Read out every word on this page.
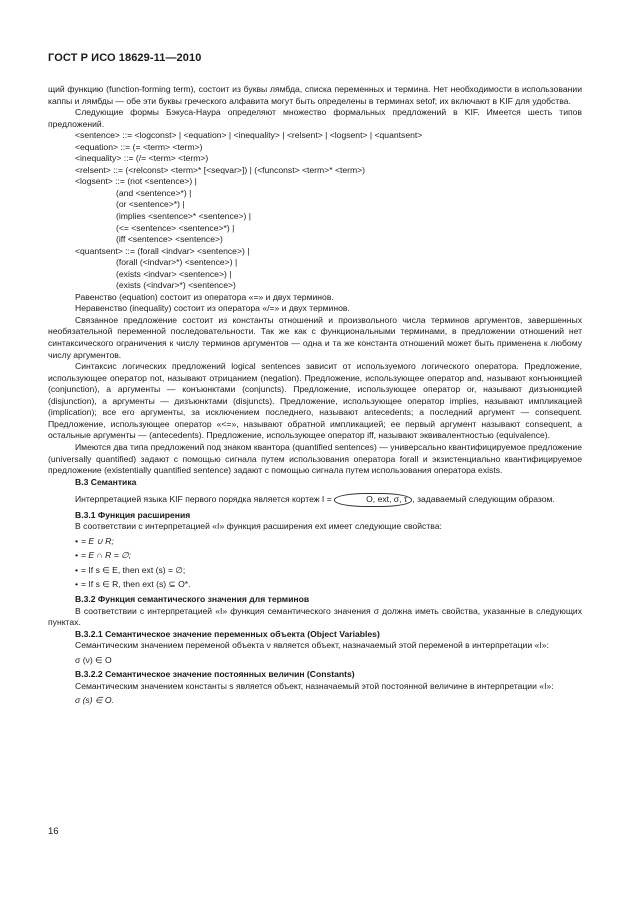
ГОСТ Р ИСО 18629-11—2010

щий функцию (function-forming term), состоит из буквы лямбда, списка переменных и термина. Нет необходимости в использовании каппы и лямбды — обе эти буквы греческого алфавита могут быть определены в терминах setof; их включают в KIF для удобства.

Следующие формы Бэкуса-Наура определяют множество формальных предложений в KIF. Имеется шесть типов предложений.

<sentence> ::= <logconst> | <equation> | <inequality> | <relsent> | <logsent> | <quantsent>
<equation> ::= (= <term> <term>)
<inequality> ::= (/= <term> <term>)
<relsent> ::= (<relconst> <term>* [<seqvar>]) | (<funconst> <term>* <term>)
<logsent> ::= (not <sentence>) |
(and <sentence>*) |
(or <sentence>*) |
(implies <sentence>* <sentence>) |
(<= <sentence> <sentence>*) |
(iff <sentence> <sentence>)
<quantsent> ::= (forall <indvar> <sentence>) |
(forall (<indvar>*) <sentence>) |
(exists <indvar> <sentence>) |
(exists (<indvar>*) <sentence>)
Равенство (equation) состоит из оператора «=» и двух терминов.
Неравенство (inequality) состоит из оператора «/=» и двух терминов.

Связанное предложение состоит из константы отношений и произвольного числа терминов аргументов, завершенных необязательной переменной последовательности. Так же как с функциональными терминами, в предложении отношений нет синтаксического ограничения к числу терминов аргументов — одна и та же константа отношений может быть применена к любому числу аргументов.

Синтаксис логических предложений logical sentences зависит от используемого логического оператора. Предложение, использующее оператор not, называют отрицанием (negation). Предложение, использующее оператор and, называют конъюнкцией (conjunction), а аргументы — конъюнктами (conjuncts). Предложение, использующее оператор or, называют дизъюнкцией (disjunction), а аргументы — дизъюнктами (disjuncts). Предложение, использующее оператор implies, называют импликацией (implication); все его аргументы, за исключением последнего, называют antecedents; а последний аргумент — consequent. Предложение, использующее оператор «<=», называют обратной импликацией; ее первый аргумент называют consequent, а остальные аргументы — (antecedents). Предложение, использующее оператор iff, называют эквивалентностью (equivalence).

Имеются два типа предложений под знаком квантора (quantified sentences) — универсально квантифицируемое предложение (universally quantified) задают с помощью сигнала путем использования оператора forall и экзистенциально квантифицируемое предложение (existentially quantified sentence) задают с помощью сигнала путем использования оператора exists.

В.3 Семантика

Интерпретацией языка KIF первого порядка является кортеж I =	O, ext, σ, τ , задаваемый следующим образом.

В.3.1 Функция расширения

В соответствии с интерпретацией «I» функция расширения ext имеет следующие свойства:

• = E ∪ R;
• = E ∩ R = ∅;
• = If s ∈ E, then ext (s) = ∅;
• = If s ∈ R, then ext (s) ⊆ O*.
В.3.2 Функция семантического значения для терминов

В соответствии с интерпретацией «I» функция семантического значения σ должна иметь свойства, указанные в следующих пунктах.

В.3.2.1 Семантическое значение переменных объекта (Object Variables)

Семантическим значением переменой объекта ν является объект, назначаемый этой переменой в интерпретации «I»:

σ (ν) ∈ O
В.3.2.2 Семантическое значение постоянных величин (Constants)

Семантическим значением константы s является объект, назначаемый этой постоянной величине в интерпретации «I»:

σ (s) ∈ O.
16
